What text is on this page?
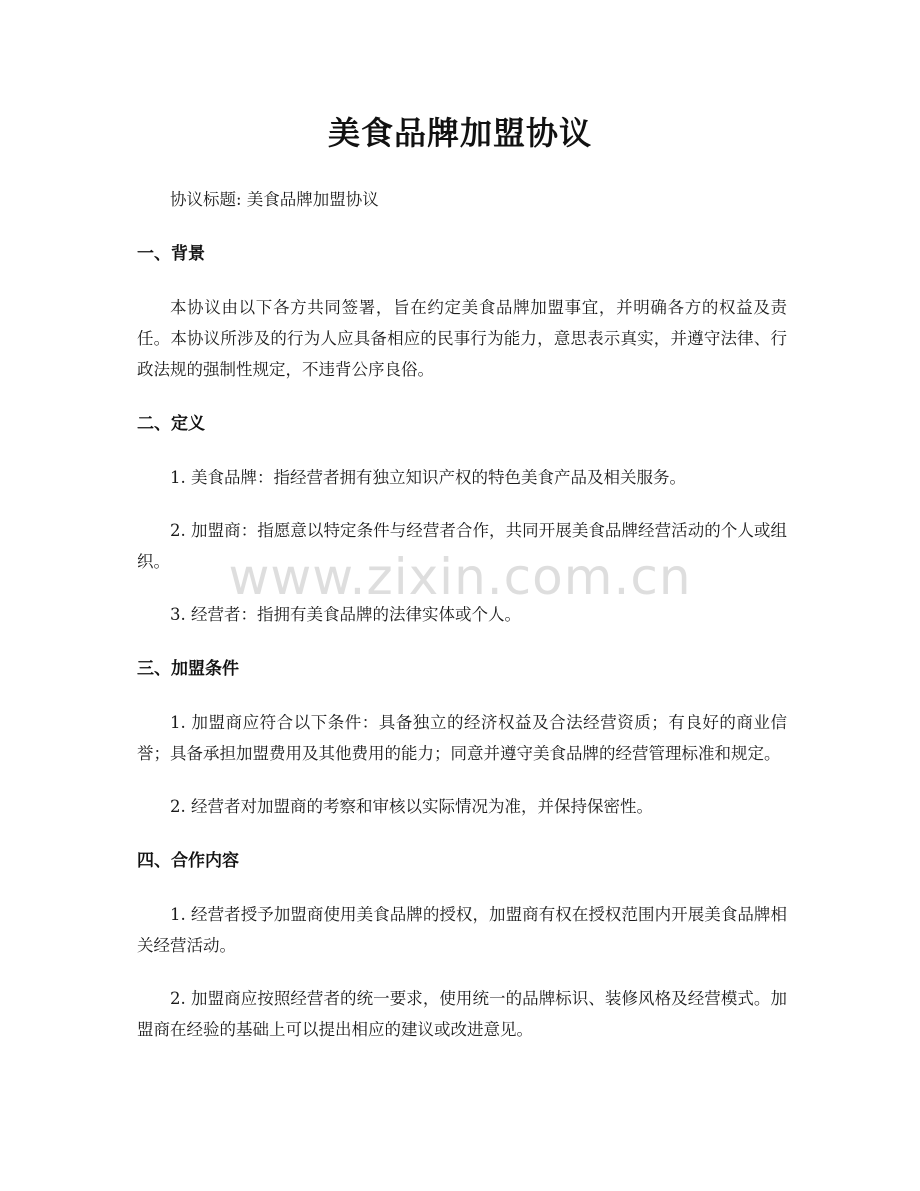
美食品牌加盟协议

协议标题: 美食品牌加盟协议

一、背景

本协议由以下各方共同签署，旨在约定美食品牌加盟事宜，并明确各方的权益及责任。本协议所涉及的行为人应具备相应的民事行为能力，意思表示真实，并遵守法律、行政法规的强制性规定，不违背公序良俗。

二、定义

1. 美食品牌：指经营者拥有独立知识产权的特色美食产品及相关服务。

2. 加盟商：指愿意以特定条件与经营者合作，共同开展美食品牌经营活动的个人或组织。

3. 经营者：指拥有美食品牌的法律实体或个人。

三、加盟条件

1. 加盟商应符合以下条件：具备独立的经济权益及合法经营资质；有良好的商业信誉；具备承担加盟费用及其他费用的能力；同意并遵守美食品牌的经营管理标准和规定。

2. 经营者对加盟商的考察和审核以实际情况为准，并保持保密性。

四、合作内容

1. 经营者授予加盟商使用美食品牌的授权，加盟商有权在授权范围内开展美食品牌相关经营活动。

2. 加盟商应按照经营者的统一要求，使用统一的品牌标识、装修风格及经营模式。加盟商在经验的基础上可以提出相应的建议或改进意见。

www.zixin.com.cn
